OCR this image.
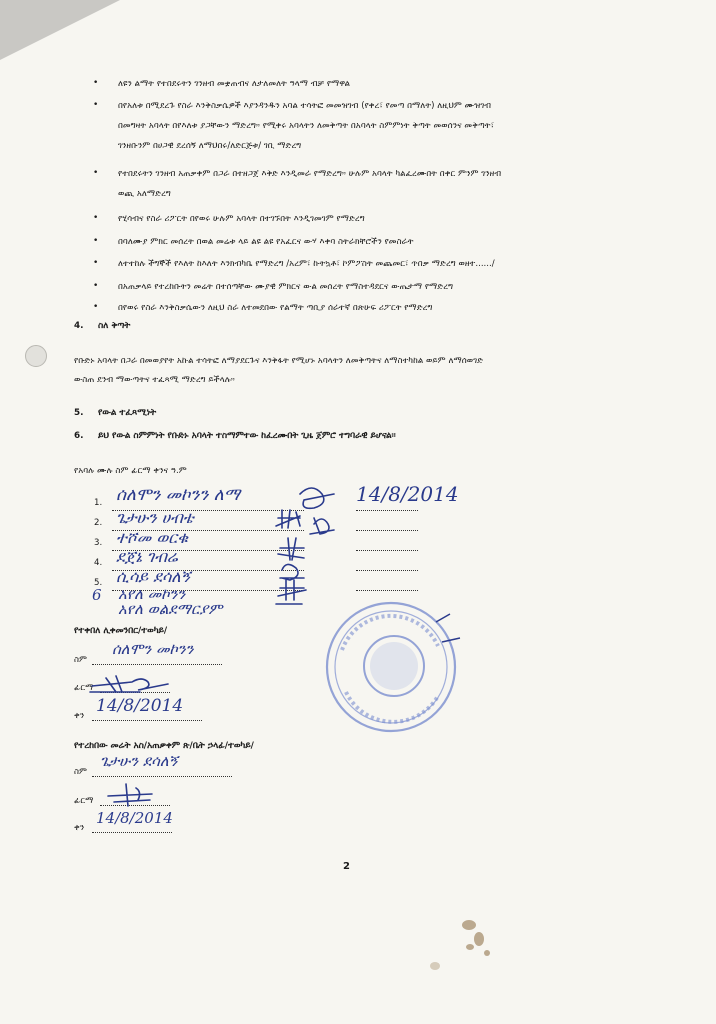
• ለዩን ልማት የተበደሩትን ገንዘብ መቋጠብና ለታለመለት ዓላማ ብቻ የማዋል
• በየአለቱ በሚደረጉ የስራ እንቅስቃሴዎች እያንዳንዱን አባል ተሳትፎ መመዝገብ (የቀረ፣ የመጣ በማለት) ለዚህም ሙዝገብ
በመግዛት አባላት በየእለቱ ያጋቸውን ማድረግ። የሚቀሩ አባላትን ለመቅጣት በአባላት ስምምነት ቅጣት መወሰንና መቅጣት፣
ገንዘቡንም በሀጋዊ ደረሰኝ ለማህበሩ/ለድርጅቱ/ ገቢ ማድረግ
• የተበደሩትን ገንዘብ አጠቃቀም በጋራ በተዘጋጀ እቅድ እንዲመራ የማድረግ። ሁሉም አባላት ካልፈረሙበት በቀር ምንም ገንዘብ
ወጪ አለማድረግ
• የሂሳብና የስራ ሪፖርት በየወሩ ሁሉም አባላት በተገኙበት እንዲገመገም የማድረግ
• በባለሙያ ምክር መሰረት በወል መሬቱ ላይ ልዩ ልዩ የአፈርና ውሃ እቀባ ስትራክቸሮችን የመስራት
• ለተተከሉ ችግኞች የእለት ከእለት እንክብካቤ የማድረግ /አረም፣ ኩትኳቶ፣ ኮምፖስት መጨመር፣ ጥበቃ ማድረግ ወዘተ....../
• በአጠቃላይ የተረከቡትን መሬት በተሰጣቸው ሙያዊ ምክርና ውል መሰረት የማስተዳደርና ውጤታማ የማድረግ
• በየወሩ የስራ እንቅስቃሴውን ለዚህ ስራ ለተመደበው የልማት ጣቢያ ሰራተኛ በጽሁፍ ሪፖርት የማድረግ
4. ስለ ቅጣት
የቡድኑ አባላት በጋራ በመወያየት አኩል ተሳትፎ ለማያደርጉና እንቅፋት የሚሆኑ አባላትን ለመቅጣትና ለማስተካከል ወይም ለማሰወገድ
ውስጠ ደንብ ማውጣትና ተፈጻሚ ማድረግ ይችላሉ።
5. የውል ተፈጻሚነት
6. ይህ የውል ስምምነት የቡድኑ አባላት ተስማምተው ከፈረሙበት ጊዜ ጀምሮ ተግባራዊ ይሆናል።
የአባሉ ሙሉ ስም ፊርማ ቀንና ዓ.ም
1. ሰለሞን መኮንን ለማ	14/8/2014
2. ጌታሁን ሀብቴ
3. ተሾመ ወርቁ
4. ደጀኔ ገብሬ
5. ሲሳይ ደሳለኝ
6 አየለ መኮንን
አየለ ወልደማርያም
የተቀበለ ሊቀመንበር/ተወካይ/
ስም
ሰለሞን መኮንን
ፊርማ
ቀን 14/8/2014
የተረከበው መሬት አስ/አጠቃቀም ጽ/ቤት ኃላፊ/ተወካይ/
ስም
ጌታሁን ደሳለኝ
ፊርማ
ቀን
14/8/2014
2
